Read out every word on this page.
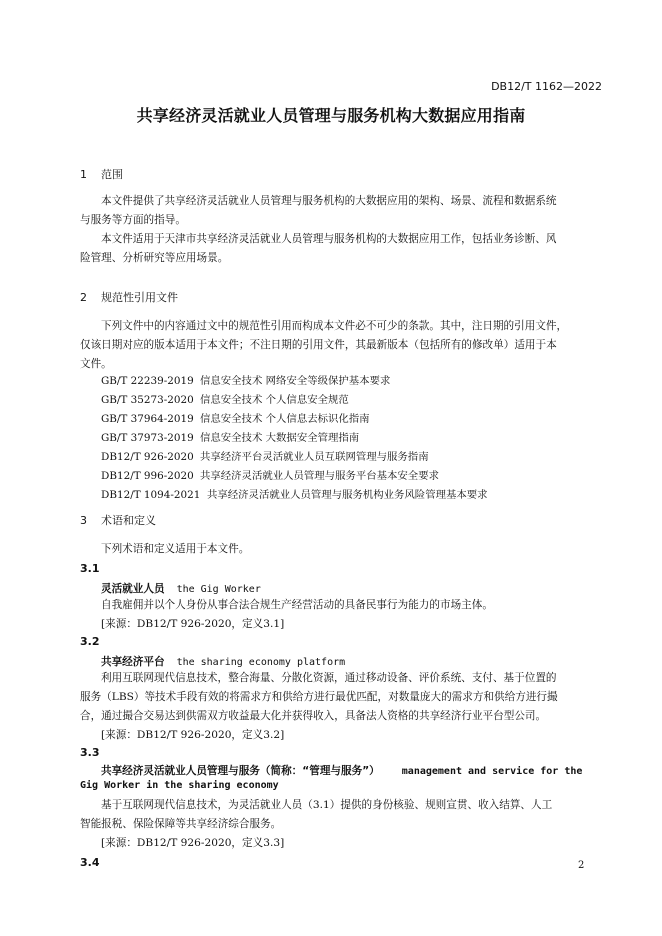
DB12/T 1162—2022
共享经济灵活就业人员管理与服务机构大数据应用指南
1 范围
本文件提供了共享经济灵活就业人员管理与服务机构的大数据应用的架构、场景、流程和数据系统
与服务等方面的指导。
本文件适用于天津市共享经济灵活就业人员管理与服务机构的大数据应用工作，包括业务诊断、风
险管理、分析研究等应用场景。
2 规范性引用文件
下列文件中的内容通过文中的规范性引用而构成本文件必不可少的条款。其中，注日期的引用文件，
仅该日期对应的版本适用于本文件；不注日期的引用文件，其最新版本（包括所有的修改单）适用于本
文件。
GB/T 22239-2019 信息安全技术 网络安全等级保护基本要求
GB/T 35273-2020 信息安全技术 个人信息安全规范
GB/T 37964-2019 信息安全技术 个人信息去标识化指南
GB/T 37973-2019 信息安全技术 大数据安全管理指南
DB12/T 926-2020 共享经济平台灵活就业人员互联网管理与服务指南
DB12/T 996-2020 共享经济灵活就业人员管理与服务平台基本安全要求
DB12/T 1094-2021 共享经济灵活就业人员管理与服务机构业务风险管理基本要求
3 术语和定义
下列术语和定义适用于本文件。
3.1
灵活就业人员 the Gig Worker
自我雇佣并以个人身份从事合法合规生产经营活动的具备民事行为能力的市场主体。
[来源：DB12/T 926-2020，定义3.1]
3.2
共享经济平台 the sharing economy platform
利用互联网现代信息技术，整合海量、分散化资源，通过移动设备、评价系统、支付、基于位置的
服务（LBS）等技术手段有效的将需求方和供给方进行最优匹配，对数量庞大的需求方和供给方进行撮
合，通过撮合交易达到供需双方收益最大化并获得收入，具备法人资格的共享经济行业平台型公司。
[来源：DB12/T 926-2020，定义3.2]
3.3
共享经济灵活就业人员管理与服务（简称：“管理与服务”） management and service for the
Gig Worker in the sharing economy
基于互联网现代信息技术，为灵活就业人员（3.1）提供的身份核验、规则宣贯、收入结算、人工
智能报税、保险保障等共享经济综合服务。
[来源：DB12/T 926-2020，定义3.3]
3.4	2
